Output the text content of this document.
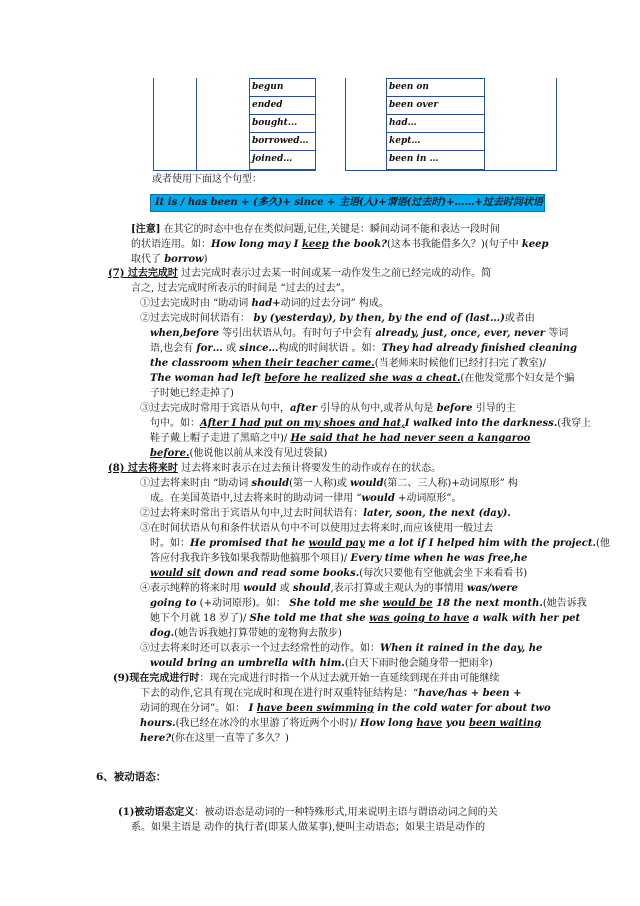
begun
ended
bought...
borrowed…
joined…
been on
been over
had…
kept…
been in …
或者使用下面这个句型：
It is / has been + (多久)+ since + 主语(人)+谓语(过去时)+……+过去时间状语
[注意] 在其它的时态中也存在类似问题,记住,关键是：瞬间动词不能和表达一段时间
的状语连用。如：How long may I keep the book?(这本书我能借多久？)(句子中 keep
取代了 borrow)
(7) 过去完成时 过去完成时表示过去某一时间或某一动作发生之前已经完成的动作。简
言之, 过去完成时所表示的时间是 “过去的过去”。
①过去完成时由 “助动词 had+动词的过去分词” 构成。
②过去完成时间状语有： by (yesterday), by then, by the end of (last…)或者由
when,before 等引出状语从句。有时句子中会有 already, just, once, ever, never 等词
语,也会有 for… 或 since…构成的时间状语 。如：They had already finished cleaning
the classroom when their teacher came.(当老师来时候他们已经打扫完了教室)/
The woman had left before he realized she was a cheat.(在他发觉那个妇女是个骗
子时她已经走掉了)
③过去完成时常用于宾语从句中，after 引导的从句中,或者从句是 before 引导的主
句中。如：After I had put on my shoes and hat,I walked into the darkness.(我穿上
鞋子戴上帽子走进了黑暗之中)/ He said that he had never seen a kangaroo
before.(他说他以前从来没有见过袋鼠)
(8) 过去将来时 过去将来时表示在过去预计将要发生的动作或存在的状态。
①过去将来时由 “助动词 should(第一人称)或 would(第二、三人称)+动词原形” 构
成。在美国英语中,过去将来时的助动词一律用 “would +动词原形”。
②过去将来时常出于宾语从句中,过去时间状语有：later, soon, the next (day).
③在时间状语从句和条件状语从句中不可以使用过去将来时,而应该使用一般过去
时。如：He promised that he would pay me a lot if I helped him with the project.(他
答应付我我许多钱如果我帮助他搞那个项目)/ Every time when he was free,he
would sit down and read some books.(每次只要他有空他就会坐下来看看书)
④表示纯粹的将来时用 would 或 should,表示打算或主观认为的事情用 was/were
going to (+动词原形)。如： She told me she would be 18 the next month.(她告诉我
她下个月就 18 岁了)/ She told me that she was going to have a walk with her pet
dog.(她告诉我她打算带她的宠物狗去散步)
⑤过去将来时还可以表示一个过去经常性的动作。如：When it rained in the day, he
would bring an umbrella with him.(白天下雨时他会随身带一把雨伞)
(9)现在完成进行时：现在完成进行时指一个从过去就开始一直延续到现在并由可能继续
下去的动作,它具有现在完成时和现在进行时双重特征结构是：“have/has + been +
动词的现在分词”。如： I have been swimming in the cold water for about two
hours.(我已经在冰冷的水里游了将近两个小时)/ How long have you been waiting
here?(你在这里一直等了多久？)
6、被动语态：
(1)被动语态定义：被动语态是动词的一种特殊形式,用来说明主语与谓语动词之间的关
系。如果主语是 动作的执行者(即某人做某事),便叫主动语态；如果主语是动作的
